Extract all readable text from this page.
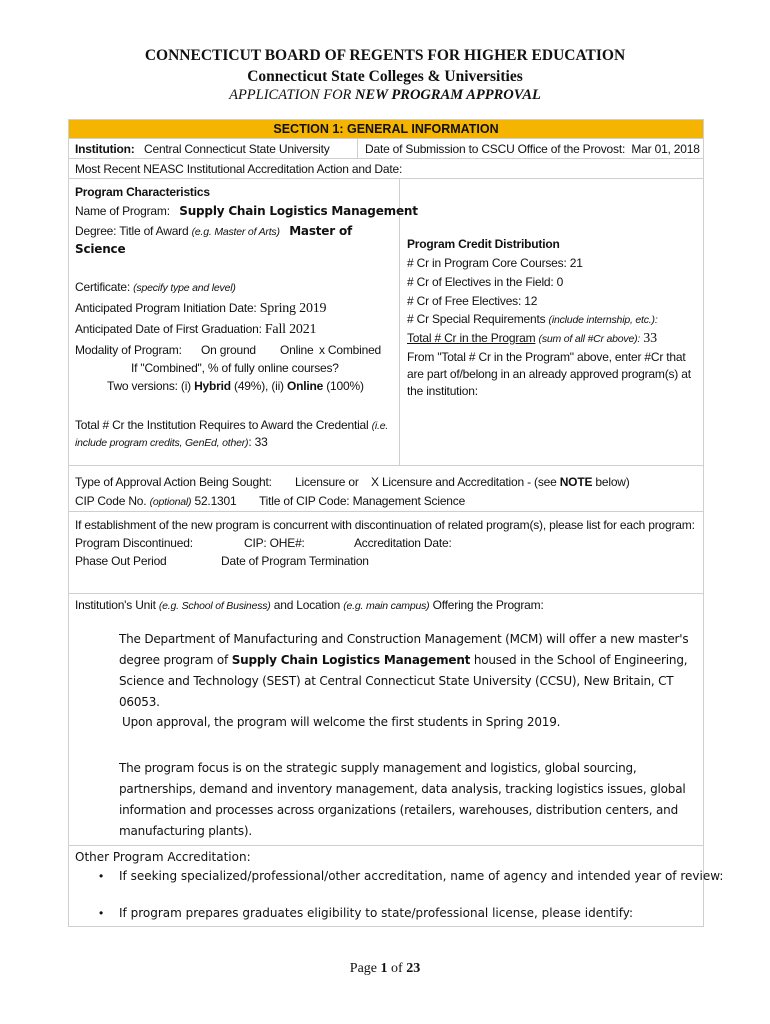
CONNECTICUT BOARD OF REGENTS FOR HIGHER EDUCATION
Connecticut State Colleges & Universities
APPLICATION FOR NEW PROGRAM APPROVAL
SECTION 1: GENERAL INFORMATION
Institution: Central Connecticut State University	Date of Submission to CSCU Office of the Provost: Mar 01, 2018
Most Recent NEASC Institutional Accreditation Action and Date:
Program Characteristics
Name of Program: Supply Chain Logistics Management
Degree: Title of Award (e.g. Master of Arts) Master of
Science
Certificate: (specify type and level)
Anticipated Program Initiation Date: Spring 2019
Anticipated Date of First Graduation: Fall 2021
Modality of Program: On ground Online x Combined
If "Combined", % of fully online courses?
Two versions: (i) Hybrid (49%), (ii) Online (100%)
Total # Cr the Institution Requires to Award the Credential (i.e.
include program credits, GenEd, other): 33
Program Credit Distribution
# Cr in Program Core Courses: 21
# Cr of Electives in the Field: 0
# Cr of Free Electives: 12
# Cr Special Requirements (include internship, etc.):
Total # Cr in the Program (sum of all #Cr above): 33
From "Total # Cr in the Program" above, enter #Cr that
are part of/belong in an already approved program(s) at
the institution:
Type of Approval Action Being Sought: Licensure or X Licensure and Accreditation - (see NOTE below)
CIP Code No. (optional) 52.1301 Title of CIP Code: Management Science
If establishment of the new program is concurrent with discontinuation of related program(s), please list for each program:
Program Discontinued:	CIP: OHE#:	Accreditation Date:
Phase Out Period	Date of Program Termination
Institution's Unit (e.g. School of Business) and Location (e.g. main campus) Offering the Program:
The Department of Manufacturing and Construction Management (MCM) will offer a new master's degree program of Supply Chain Logistics Management housed in the School of Engineering, Science and Technology (SEST) at Central Connecticut State University (CCSU), New Britain, CT 06053.
Upon approval, the program will welcome the first students in Spring 2019.
The program focus is on the strategic supply management and logistics, global sourcing, partnerships, demand and inventory management, data analysis, tracking logistics issues, global information and processes across organizations (retailers, warehouses, distribution centers, and manufacturing plants).
Other Program Accreditation:
• If seeking specialized/professional/other accreditation, name of agency and intended year of review:
• If program prepares graduates eligibility to state/professional license, please identify:
Page 1 of 23
